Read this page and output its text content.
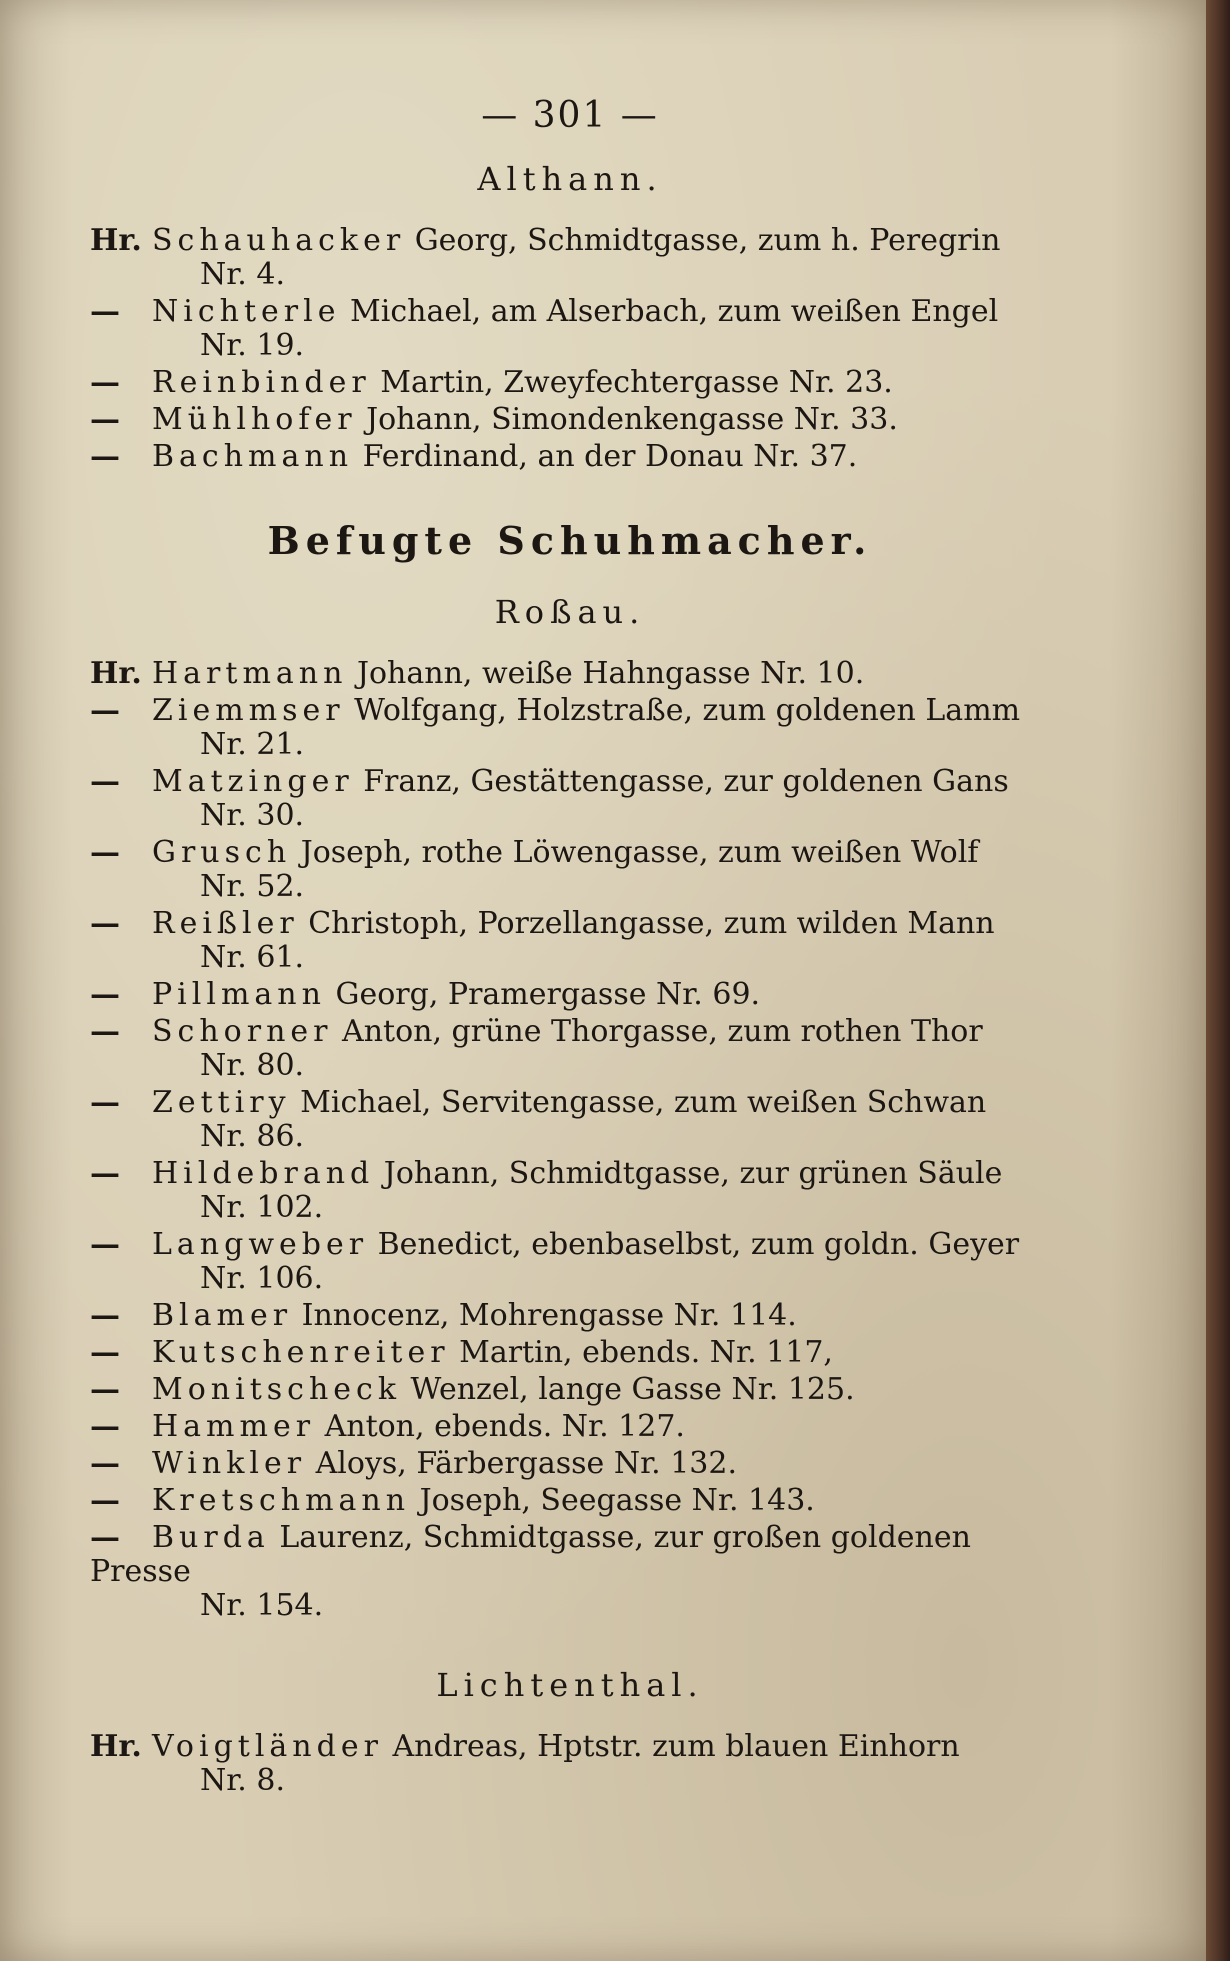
— 301 —
Althann.
Hr. Schauhacker Georg, Schmidtgasse, zum h. Peregrin
Nr. 4.
— Nichterle Michael, am Alserbach, zum weißen Engel
Nr. 19.
— Reinbinder Martin, Zweyfechtergasse Nr. 23.
— Mühlhofer Johann, Simondenkengasse Nr. 33.
— Bachmann Ferdinand, an der Donau Nr. 37.
Befugte Schuhmacher.
Roßau.
Hr. Hartmann Johann, weiße Hahngasse Nr. 10.
— Ziemmser Wolfgang, Holzstraße, zum goldenen Lamm
Nr. 21.
— Matzinger Franz, Gestättengasse, zur goldenen Gans
Nr. 30.
— Grusch Joseph, rothe Löwengasse, zum weißen Wolf
Nr. 52.
— Reißler Christoph, Porzellangasse, zum wilden Mann
Nr. 61.
— Pillmann Georg, Pramergasse Nr. 69.
— Schorner Anton, grüne Thorgasse, zum rothen Thor
Nr. 80.
— Zettiry Michael, Servitengasse, zum weißen Schwan
Nr. 86.
— Hildebrand Johann, Schmidtgasse, zur grünen Säule
Nr. 102.
— Langweber Benedict, ebenbaselbst, zum goldn. Geyer
Nr. 106.
— Blamer Innocenz, Mohrengasse Nr. 114.
— Kutschenreiter Martin, ebends. Nr. 117,
— Monitscheck Wenzel, lange Gasse Nr. 125.
— Hammer Anton, ebends. Nr. 127.
— Winkler Aloys, Färbergasse Nr. 132.
— Kretschmann Joseph, Seegasse Nr. 143.
— Burda Laurenz, Schmidtgasse, zur großen goldenen Presse
Nr. 154.
Lichtenthal.
Hr. Voigtländer Andreas, Hptstr. zum blauen Einhorn
Nr. 8.
